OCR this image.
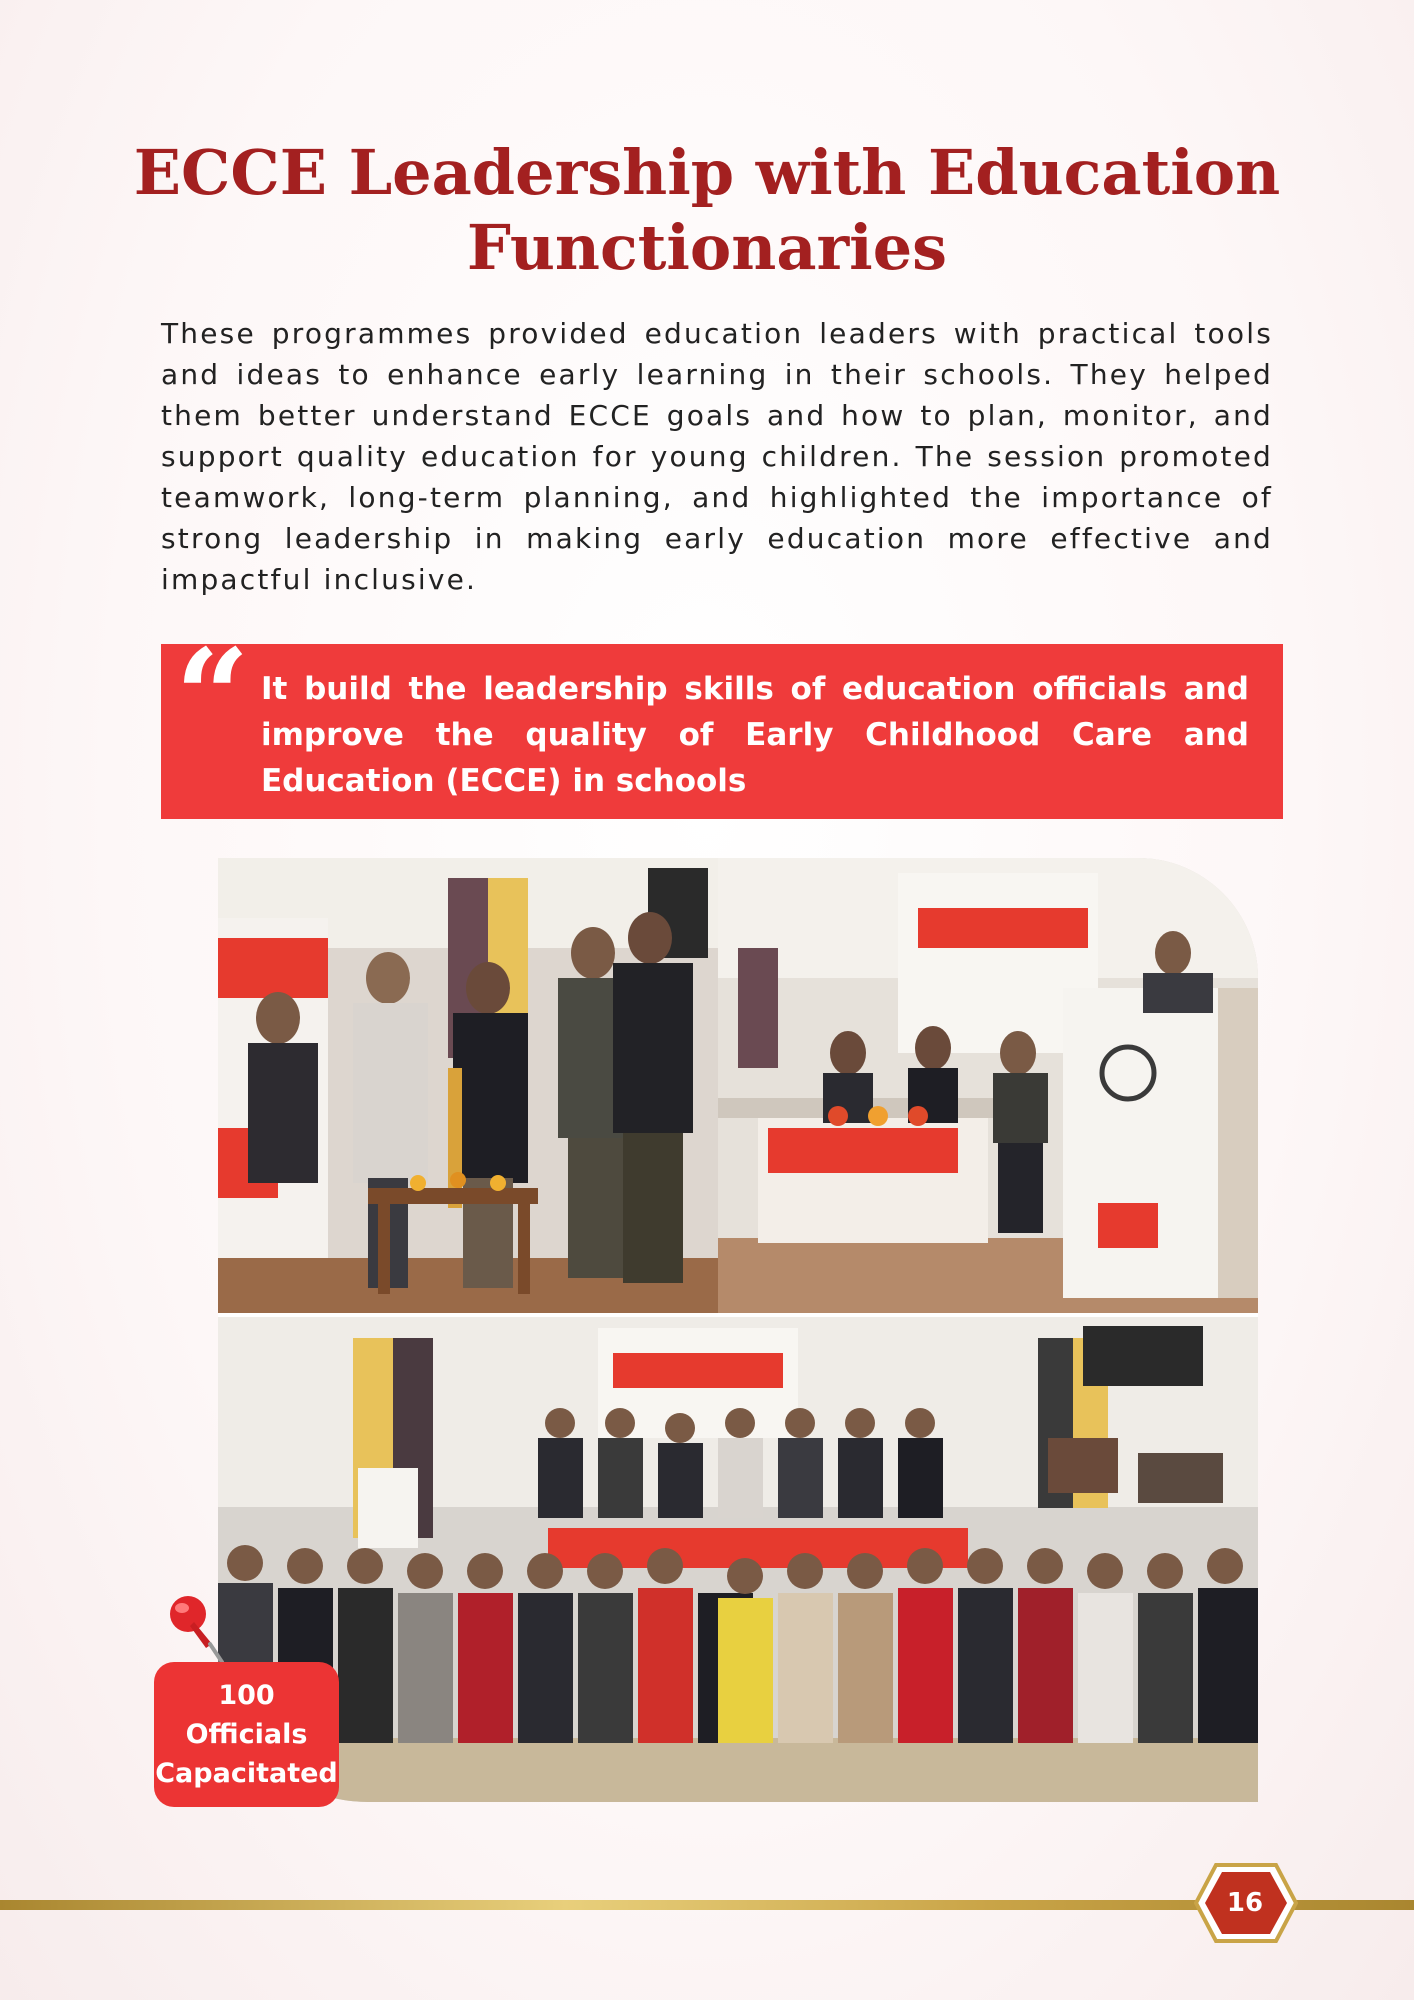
ECCE Leadership with Education Functionaries

These programmes provided education leaders with practical tools and ideas to enhance early learning in their schools. They helped them better understand ECCE goals and how to plan, monitor, and support quality education for young children. The session promoted teamwork, long-term planning, and highlighted the importance of strong leadership in making early education more effective and impactful inclusive.

“ It build the leadership skills of education officials and improve the quality of Early Childhood Care and Education (ECCE) in schools

100
Officials
Capacitated
16
